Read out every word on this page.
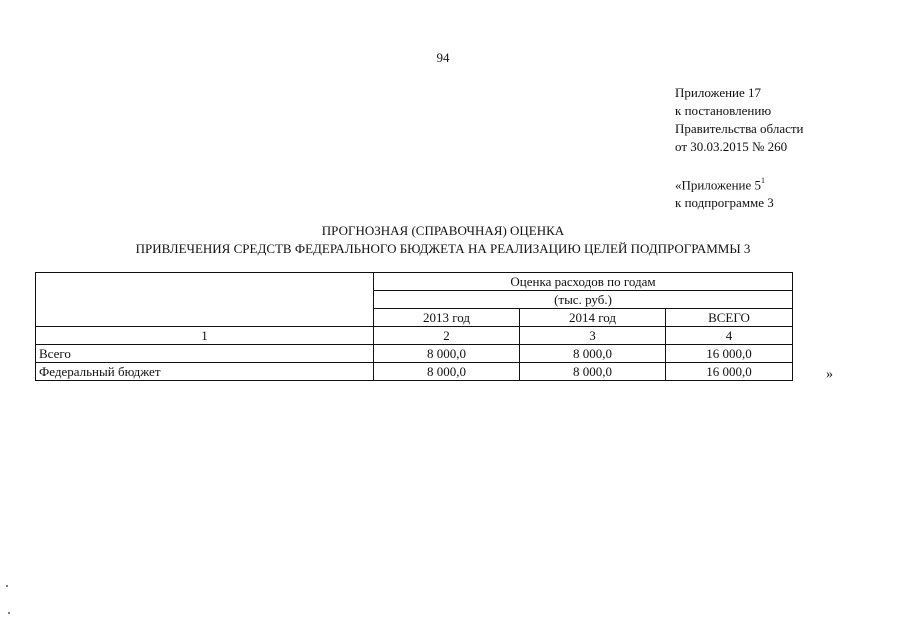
94
Приложение 17
к постановлению
Правительства области
от 30.03.2015 № 260
«Приложение $5^1$
к подпрограмме 3
ПРОГНОЗНАЯ (СПРАВОЧНАЯ) ОЦЕНКА
ПРИВЛЕЧЕНИЯ СРЕДСТВ ФЕДЕРАЛЬНОГО БЮДЖЕТА НА РЕАЛИЗАЦИЮ ЦЕЛЕЙ ПОДПРОГРАММЫ 3
	Оценка расходов по годам		
	(тыс. руб.)		
	2013 год	2014 год	ВСЕГО
1	2	3	4
Всего	8 000,0	8 000,0	16 000,0
Федеральный бюджет	8 000,0	8 000,0	16 000,0	»
